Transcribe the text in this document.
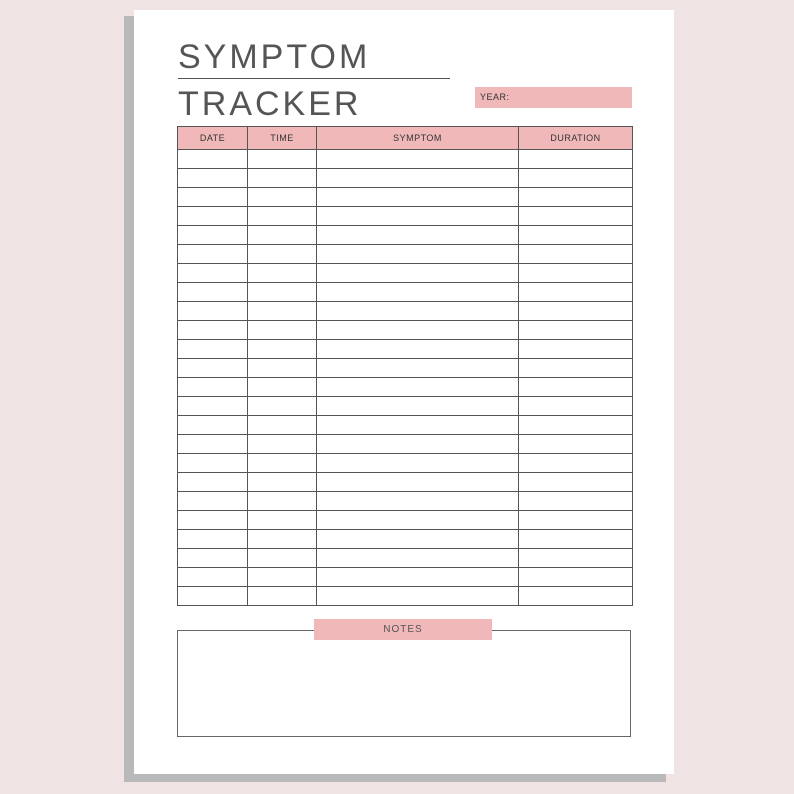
SYMPTOM
TRACKER	YEAR:
DATE	TIME	SYMPTOM	DURATION

NOTES
